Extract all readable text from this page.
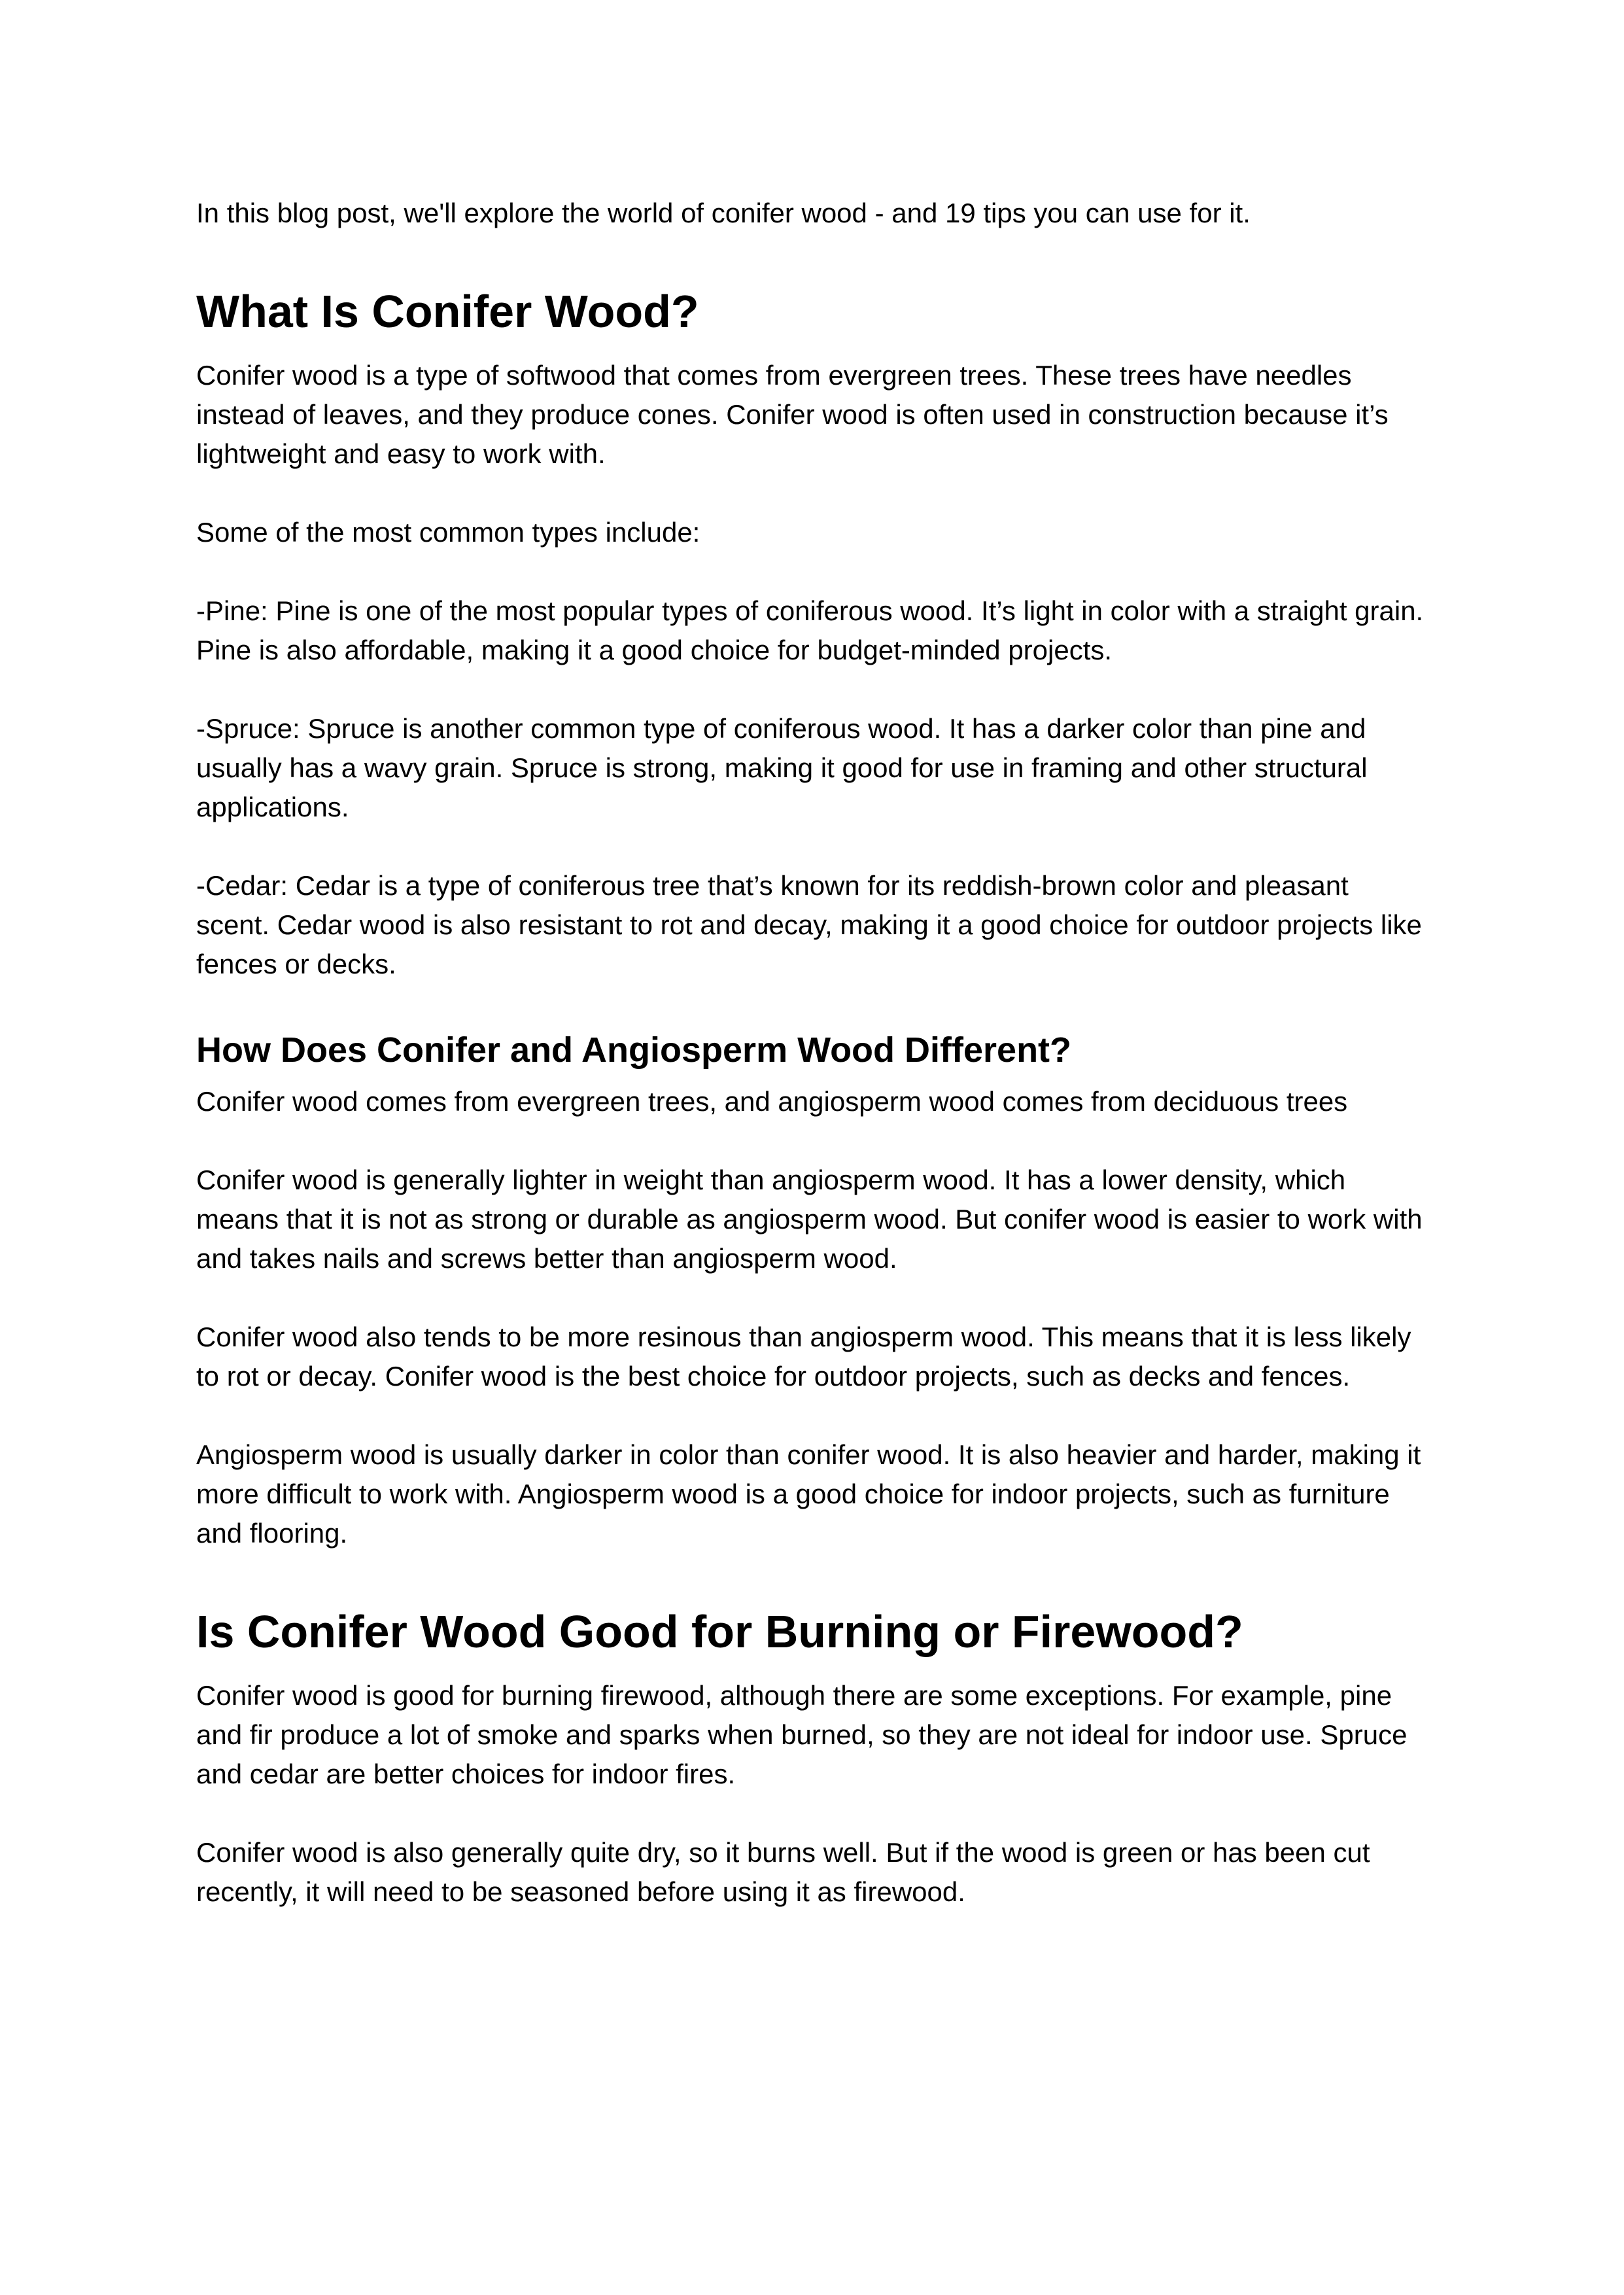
In this blog post, we'll explore the world of conifer wood - and 19 tips you can use for it.

What Is Conifer Wood?

Conifer wood is a type of softwood that comes from evergreen trees. These trees have needles instead of leaves, and they produce cones. Conifer wood is often used in construction because it’s lightweight and easy to work with.

Some of the most common types include:

-Pine: Pine is one of the most popular types of coniferous wood. It’s light in color with a straight grain. Pine is also affordable, making it a good choice for budget-minded projects.

-Spruce: Spruce is another common type of coniferous wood. It has a darker color than pine and usually has a wavy grain. Spruce is strong, making it good for use in framing and other structural applications.

-Cedar: Cedar is a type of coniferous tree that’s known for its reddish-brown color and pleasant scent. Cedar wood is also resistant to rot and decay, making it a good choice for outdoor projects like fences or decks.

How Does Conifer and Angiosperm Wood Different?

Conifer wood comes from evergreen trees, and angiosperm wood comes from deciduous trees

Conifer wood is generally lighter in weight than angiosperm wood. It has a lower density, which means that it is not as strong or durable as angiosperm wood. But conifer wood is easier to work with and takes nails and screws better than angiosperm wood.

Conifer wood also tends to be more resinous than angiosperm wood. This means that it is less likely to rot or decay. Conifer wood is the best choice for outdoor projects, such as decks and fences.

Angiosperm wood is usually darker in color than conifer wood. It is also heavier and harder, making it more difficult to work with. Angiosperm wood is a good choice for indoor projects, such as furniture and flooring.

Is Conifer Wood Good for Burning or Firewood?

Conifer wood is good for burning firewood, although there are some exceptions. For example, pine and fir produce a lot of smoke and sparks when burned, so they are not ideal for indoor use. Spruce and cedar are better choices for indoor fires.

Conifer wood is also generally quite dry, so it burns well. But if the wood is green or has been cut recently, it will need to be seasoned before using it as firewood.
